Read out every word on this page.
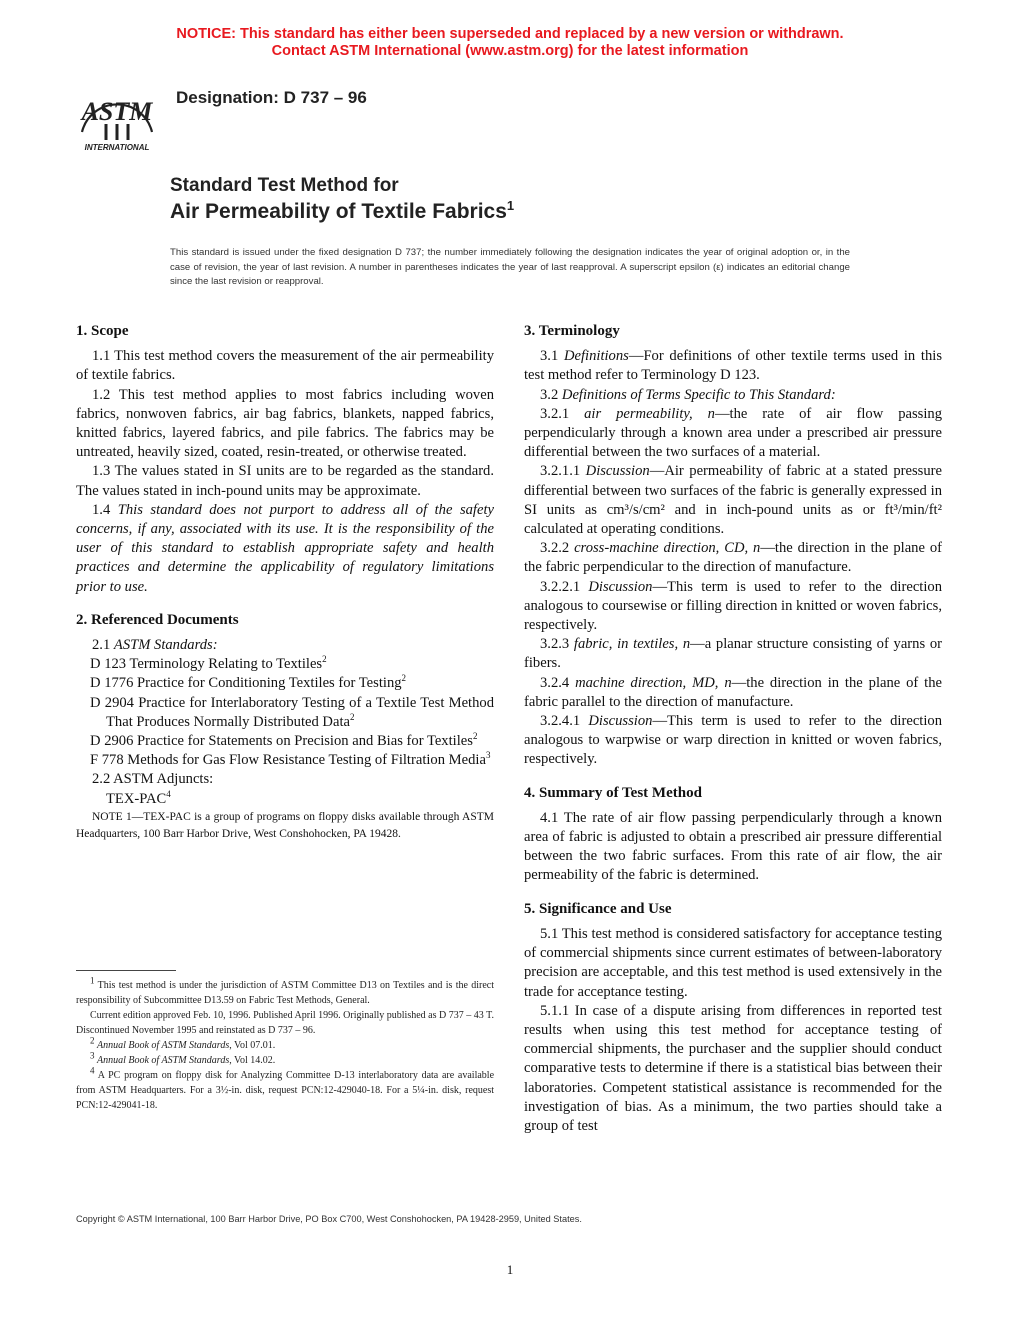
NOTICE: This standard has either been superseded and replaced by a new version or withdrawn.
Contact ASTM International (www.astm.org) for the latest information
ASTM
INTERNATIONAL
Designation: D 737 – 96
Standard Test Method for
Air Permeability of Textile Fabrics$^1$
This standard is issued under the fixed designation D 737; the number immediately following the designation indicates the year of original adoption or, in the case of revision, the year of last revision. A number in parentheses indicates the year of last reapproval. A superscript epsilon (ε) indicates an editorial change since the last revision or reapproval.
1. Scope

1.1 This test method covers the measurement of the air permeability of textile fabrics.

1.2 This test method applies to most fabrics including woven fabrics, nonwoven fabrics, air bag fabrics, blankets, napped fabrics, knitted fabrics, layered fabrics, and pile fabrics. The fabrics may be untreated, heavily sized, coated, resin-treated, or otherwise treated.

1.3 The values stated in SI units are to be regarded as the standard. The values stated in inch-pound units may be approximate.

1.4 This standard does not purport to address all of the safety concerns, if any, associated with its use. It is the responsibility of the user of this standard to establish appropriate safety and health practices and determine the applicability of regulatory limitations prior to use.

2. Referenced Documents

2.1 ASTM Standards:

D 123 Terminology Relating to Textiles$^2$

D 1776 Practice for Conditioning Textiles for Testing$^2$

D 2904 Practice for Interlaboratory Testing of a Textile Test Method That Produces Normally Distributed Data$^2$

D 2906 Practice for Statements on Precision and Bias for Textiles$^2$

F 778 Methods for Gas Flow Resistance Testing of Filtration Media$^3$

2.2 ASTM Adjuncts:

TEX-PAC$^4$

NOTE 1—TEX-PAC is a group of programs on floppy disks available through ASTM Headquarters, 100 Barr Harbor Drive, West Conshohocken, PA 19428.

$^1$ This test method is under the jurisdiction of ASTM Committee D13 on Textiles and is the direct responsibility of Subcommittee D13.59 on Fabric Test Methods, General.

Current edition approved Feb. 10, 1996. Published April 1996. Originally published as D 737 – 43 T. Discontinued November 1995 and reinstated as D 737 – 96.

$^2$ Annual Book of ASTM Standards, Vol 07.01.

$^3$ Annual Book of ASTM Standards, Vol 14.02.

$^4$ A PC program on floppy disk for Analyzing Committee D-13 interlaboratory data are available from ASTM Headquarters. For a 3½-in. disk, request PCN:12-429040-18. For a 5¼-in. disk, request PCN:12-429041-18.

3. Terminology

3.1 Definitions—For definitions of other textile terms used in this test method refer to Terminology D 123.

3.2 Definitions of Terms Specific to This Standard:

3.2.1 air permeability, n—the rate of air flow passing perpendicularly through a known area under a prescribed air pressure differential between the two surfaces of a material.

3.2.1.1 Discussion—Air permeability of fabric at a stated pressure differential between two surfaces of the fabric is generally expressed in SI units as cm³/s/cm² and in inch-pound units as or ft³/min/ft² calculated at operating conditions.

3.2.2 cross-machine direction, CD, n—the direction in the plane of the fabric perpendicular to the direction of manufacture.

3.2.2.1 Discussion—This term is used to refer to the direction analogous to coursewise or filling direction in knitted or woven fabrics, respectively.

3.2.3 fabric, in textiles, n—a planar structure consisting of yarns or fibers.

3.2.4 machine direction, MD, n—the direction in the plane of the fabric parallel to the direction of manufacture.

3.2.4.1 Discussion—This term is used to refer to the direction analogous to warpwise or warp direction in knitted or woven fabrics, respectively.

4. Summary of Test Method

4.1 The rate of air flow passing perpendicularly through a known area of fabric is adjusted to obtain a prescribed air pressure differential between the two fabric surfaces. From this rate of air flow, the air permeability of the fabric is determined.

5. Significance and Use

5.1 This test method is considered satisfactory for acceptance testing of commercial shipments since current estimates of between-laboratory precision are acceptable, and this test method is used extensively in the trade for acceptance testing.

5.1.1 In case of a dispute arising from differences in reported test results when using this test method for acceptance testing of commercial shipments, the purchaser and the supplier should conduct comparative tests to determine if there is a statistical bias between their laboratories. Competent statistical assistance is recommended for the investigation of bias. As a minimum, the two parties should take a group of test

Copyright © ASTM International, 100 Barr Harbor Drive, PO Box C700, West Conshohocken, PA 19428-2959, United States.
1
